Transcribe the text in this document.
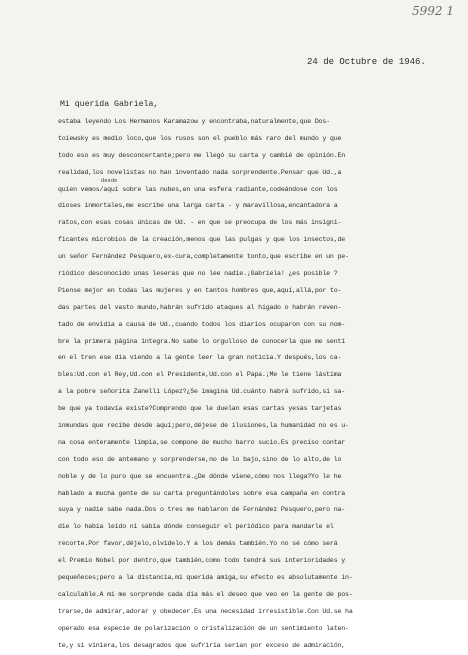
5992 1
24 de Octubre de 1946.
Mi querida Gabriela,
desde
estaba leyendo Los Hermanos Karamazow y encontraba,naturalmente,que Dos-
toiewsky es medio loco,que los rusos son el pueblo más raro del mundo y que
todo eso es muy desconcertante;pero me llegó su carta y cambié de opinión.En
realidad,los novelistas no han inventado nada sorprendente.Pensar que Ud.,a
quien vemos/aquí sobre las nubes,en una esfera radiante,codeándose con los
dioses inmortales,me escribe una larga carta - y maravillosa,encantadora a
ratos,con esas cosas únicas de Ud. - en que se preocupa de los más insigni-
ficantes microbios de la creación,menos que las pulgas y que los insectos,de
un señor Fernández Pesquero,ex-cura,completamente tonto,que escribe en un pe-
riódico desconocido unas leseras que no lee nadie.¡Gabriela! ¿es posible ?
Piense mejor en todas las mujeres y en tantos hombres que,aquí,allá,por to-
das partes del vasto mundo,habrán sufrido ataques al hígado o habrán reven-
tado de envidia a causa de Ud.,cuando todos los diarios ocuparon con su nom-
bre la primera página íntegra.No sabe lo orgulloso de conocerla que me sentí
en el tren ese día viendo a la gente leer la gran noticia.Y después,los ca-
bles:Ud.con el Rey,Ud.con el Presidente,Ud.con el Papa.¡Me le tiene lástima
a la pobre señorita Zanelli López?¿Se imagina Ud.cuánto habrá sufrido,si sa-
be que ya todavía existe?Comprendo que le duelan esas cartas yesas tarjetas
inmundas que recibe desde aquí;pero,déjese de ilusiones,la humanidad no es u-
na cosa enteramente limpia,se compone de mucho barro sucio.Es preciso contar
con todo eso de antemano y sorprenderse,no de lo bajo,sino de lo alto,de lo
noble y de lo puro que se encuentra.¿De dónde viene,cómo nos llega?Yo le he
hablado a mucha gente de su carta preguntándoles sobre esa campaña en contra
suya y nadie sabe nada.Dos o tres me hablaron de Fernández Pesquero,pero na-
die lo había leído ni sabía dónde conseguir el periódico para mandarle el
recorte.Por favor,déjelo,olvídelo.Y a los demás también.Yo no sé cómo será
el Premio Nobel por dentro,que también,como todo tendrá sus interioridades y
pequeñeces;pero a la distancia,mi querida amiga,su efecto es absolutamente in-
calculable.A mí me sorprende cada día más el deseo que veo en la gente de pos-
trarse,de admirar,adorar y obedecer.Es una necesidad irresistible.Con Ud.se ha
operado esa especie de polarización o cristalización de un sentimiento laten-
te,y si viniera,los desagrados que sufriría serían por exceso de admiración,
